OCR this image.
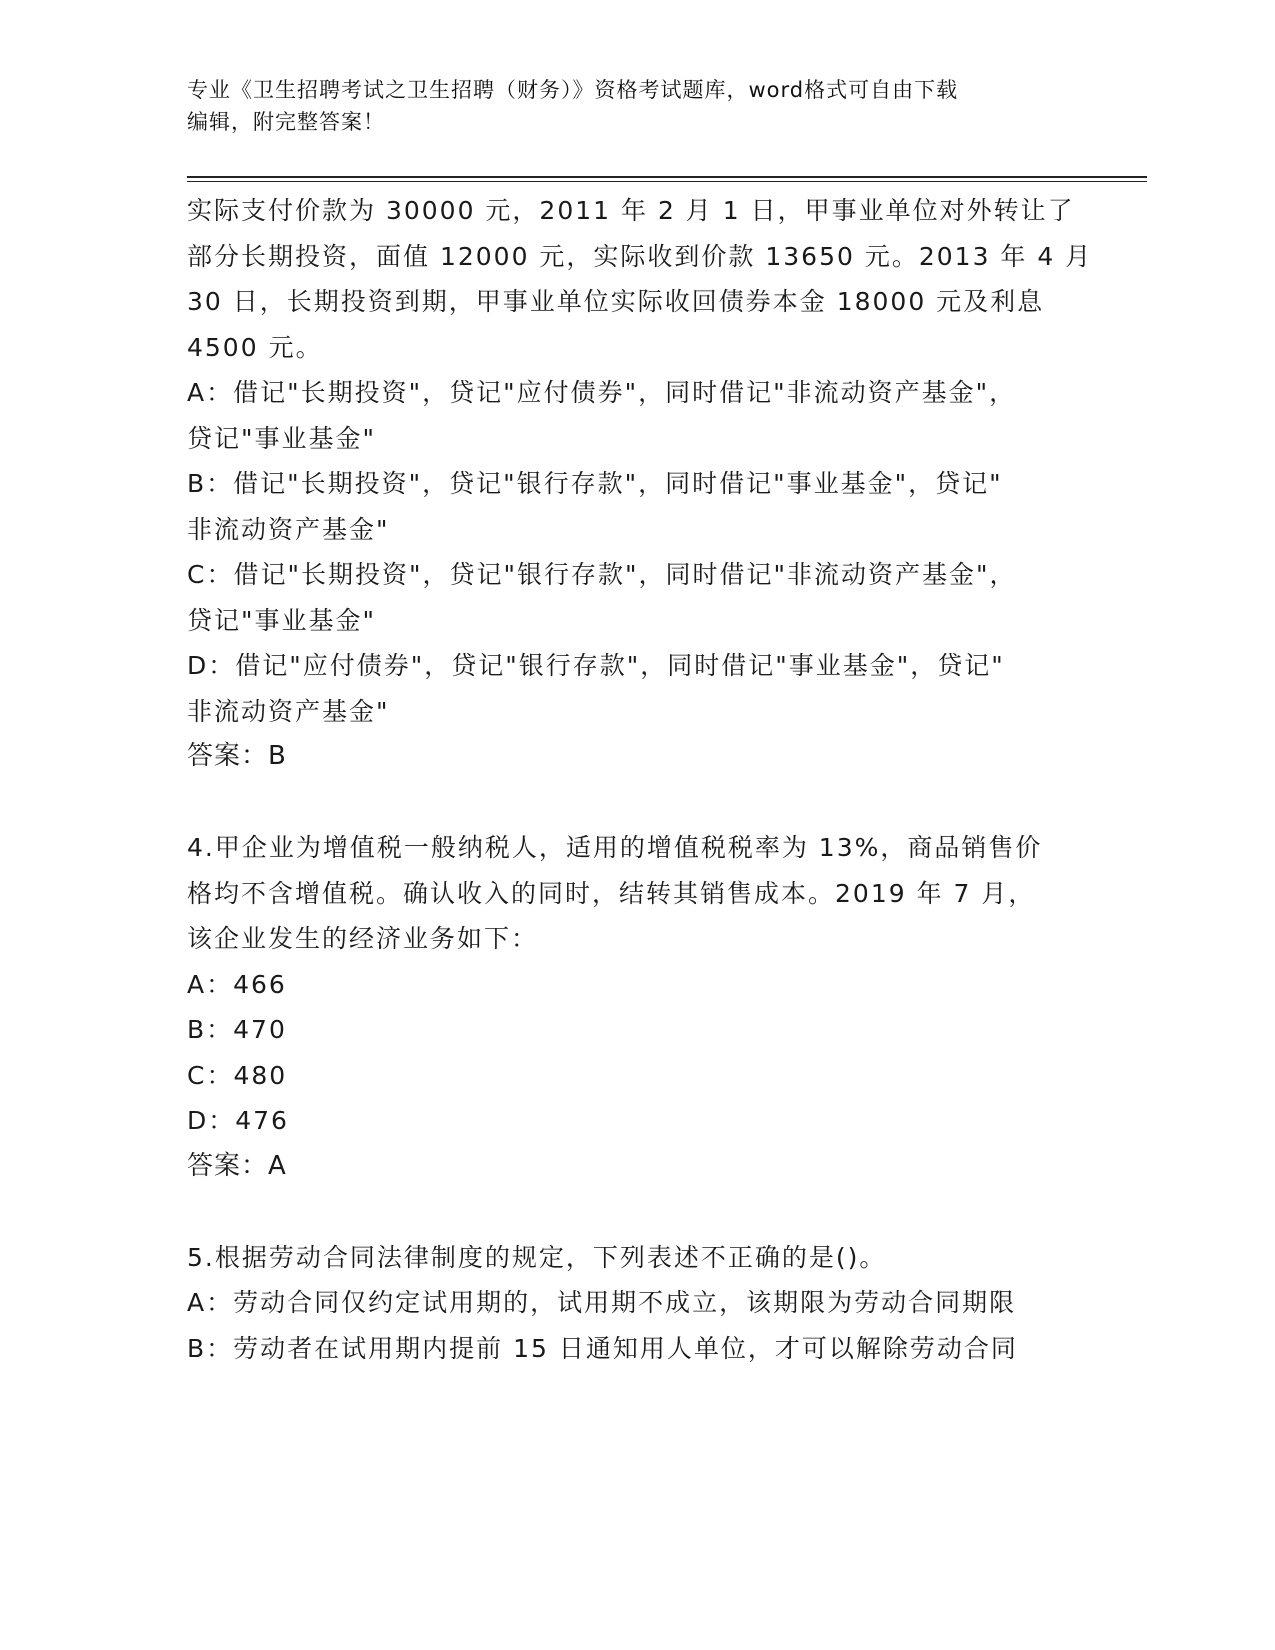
专业《卫生招聘考试之卫生招聘（财务）》资格考试题库，word格式可自由下载
编辑，附完整答案！
实际支付价款为 30000 元，2011 年 2 月 1 日，甲事业单位对外转让了
部分长期投资，面值 12000 元，实际收到价款 13650 元。2013 年 4 月
30 日，长期投资到期，甲事业单位实际收回债券本金 18000 元及利息
4500 元。
A：借记"长期投资"，贷记"应付债券"，同时借记"非流动资产基金"，
贷记"事业基金"
B：借记"长期投资"，贷记"银行存款"，同时借记"事业基金"，贷记"
非流动资产基金"
C：借记"长期投资"，贷记"银行存款"，同时借记"非流动资产基金"，
贷记"事业基金"
D：借记"应付债券"，贷记"银行存款"，同时借记"事业基金"，贷记"
非流动资产基金"
答案：B
4.甲企业为增值税一般纳税人，适用的增值税税率为 13%，商品销售价
格均不含增值税。确认收入的同时，结转其销售成本。2019 年 7 月，
该企业发生的经济业务如下：
A：466
B：470
C：480
D：476
答案：A
5.根据劳动合同法律制度的规定，下列表述不正确的是()。
A：劳动合同仅约定试用期的，试用期不成立，该期限为劳动合同期限
B：劳动者在试用期内提前 15 日通知用人单位，才可以解除劳动合同
